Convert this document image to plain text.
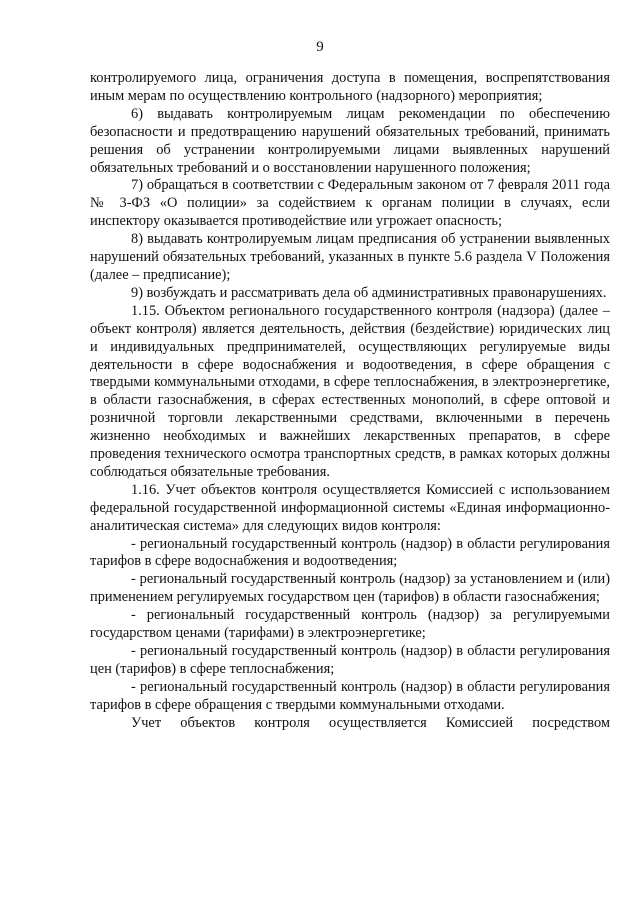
9

контролируемого лица, ограничения доступа в помещения, воспрепятствования иным мерам по осуществлению контрольного (надзорного) мероприятия;

6) выдавать контролируемым лицам рекомендации по обеспечению безопасности и предотвращению нарушений обязательных требований, принимать решения об устранении контролируемыми лицами выявленных нарушений обязательных требований и о восстановлении нарушенного положения;

7) обращаться в соответствии с Федеральным законом от 7 февраля 2011 года № 3-ФЗ «О полиции» за содействием к органам полиции в случаях, если инспектору оказывается противодействие или угрожает опасность;

8) выдавать контролируемым лицам предписания об устранении выявленных нарушений обязательных требований, указанных в пункте 5.6 раздела V Положения (далее – предписание);

9) возбуждать и рассматривать дела об административных правонарушениях.

1.15. Объектом регионального государственного контроля (надзора) (далее – объект контроля) является деятельность, действия (бездействие) юридических лиц и индивидуальных предпринимателей, осуществляющих регулируемые виды деятельности в сфере водоснабжения и водоотведения, в сфере обращения с твердыми коммунальными отходами, в сфере теплоснабжения, в электроэнергетике, в области газоснабжения, в сферах естественных монополий, в сфере оптовой и розничной торговли лекарственными средствами, включенными в перечень жизненно необходимых и важнейших лекарственных препаратов, в сфере проведения технического осмотра транспортных средств, в рамках которых должны соблюдаться обязательные требования.

1.16. Учет объектов контроля осуществляется Комиссией с использованием федеральной государственной информационной системы «Единая информационно-аналитическая система» для следующих видов контроля:

- региональный государственный контроль (надзор) в области регулирования тарифов в сфере водоснабжения и водоотведения;

- региональный государственный контроль (надзор) за установлением и (или) применением регулируемых государством цен (тарифов) в области газоснабжения;

- региональный государственный контроль (надзор) за регулируемыми государством ценами (тарифами) в электроэнергетике;

- региональный государственный контроль (надзор) в области регулирования цен (тарифов) в сфере теплоснабжения;

- региональный государственный контроль (надзор) в области регулирования тарифов в сфере обращения с твердыми коммунальными отходами.

Учет объектов контроля осуществляется Комиссией посредством
